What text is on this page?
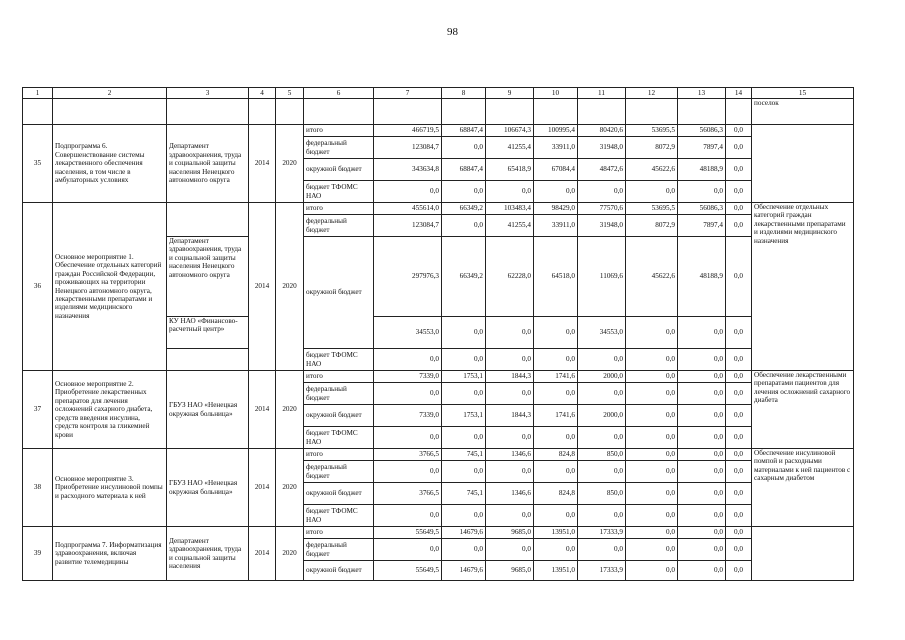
98
1	2	3	4	5	6	7	8	9	10	11	12	13	14	15
														поселок
35	Подпрограмма 6. Совершенствование системы лекарственного обеспечения населения, в том числе в амбулаторных условиях	Департамент здравоохранения, труда и социальной защиты населения Ненецкого автономного округа	2014	2020	итого	466719,5	68847,4	106674,3	100995,4	80420,6	53695,5	56086,3	0,0	
					федеральный бюджет	123084,7	0,0	41255,4	33911,0	31948,0	8072,9	7897,4	0,0	
					окружной бюджет	343634,8	68847,4	65418,9	67084,4	48472,6	45622,6	48188,9	0,0	
					бюджет ТФОМС НАО	0,0	0,0	0,0	0,0	0,0	0,0	0,0	0,0	
36	Основное мероприятие 1. Обеспечение отдельных категорий граждан Российской Федерации, проживающих на территории Ненецкого автономного округа, лекарственными препаратами и изделиями медицинского назначения		2014	2020	итого	455614,0	66349,2	103483,4	98429,0	77570,6	53695,5	56086,3	0,0	Обеспечение отдельных категорий граждан лекарственными препаратами и изделиями медицинского назначения
					федеральный бюджет	123084,7	0,0	41255,4	33911,0	31948,0	8072,9	7897,4	0,0	
		Департамент здравоохранения, труда и социальной защиты населения Ненецкого автономного округа			окружной бюджет	297976,3	66349,2	62228,0	64518,0	11069,6	45622,6	48188,9	0,0	
		КУ НАО «Финансово-расчетный центр»				34553,0	0,0	0,0	0,0	34553,0	0,0	0,0	0,0	
					бюджет ТФОМС НАО	0,0	0,0	0,0	0,0	0,0	0,0	0,0	0,0	
37	Основное мероприятие 2. Приобретение лекарственных препаратов для лечения осложнений сахарного диабета, средств введения инсулина, средств контроля за гликемией крови	ГБУЗ НАО «Ненецкая окружная больница»	2014	2020	итого	7339,0	1753,1	1844,3	1741,6	2000,0	0,0	0,0	0,0	Обеспечение лекарственными препаратами пациентов для лечения осложнений сахарного диабета
					федеральный бюджет	0,0	0,0	0,0	0,0	0,0	0,0	0,0	0,0	
					окружной бюджет	7339,0	1753,1	1844,3	1741,6	2000,0	0,0	0,0	0,0	
					бюджет ТФОМС НАО	0,0	0,0	0,0	0,0	0,0	0,0	0,0	0,0	
38	Основное мероприятие 3. Приобретение инсулиновой помпы и расходного материала к ней	ГБУЗ НАО «Ненецкая окружная больница»	2014	2020	итого	3766,5	745,1	1346,6	824,8	850,0	0,0	0,0	0,0	Обеспечение инсулиновой помпой и расходными материалами к ней пациентов с сахарным диабетом
					федеральный бюджет	0,0	0,0	0,0	0,0	0,0	0,0	0,0	0,0	
					окружной бюджет	3766,5	745,1	1346,6	824,8	850,0	0,0	0,0	0,0	
					бюджет ТФОМС НАО	0,0	0,0	0,0	0,0	0,0	0,0	0,0	0,0	
39	Подпрограмма 7. Информатизация здравоохранения, включая развитие телемедицины	Департамент здравоохранения, труда и социальной защиты населения	2014	2020	итого	55649,5	14679,6	9685,0	13951,0	17333,9	0,0	0,0	0,0	
					федеральный бюджет	0,0	0,0	0,0	0,0	0,0	0,0	0,0	0,0	
					окружной бюджет	55649,5	14679,6	9685,0	13951,0	17333,9	0,0	0,0	0,0	
